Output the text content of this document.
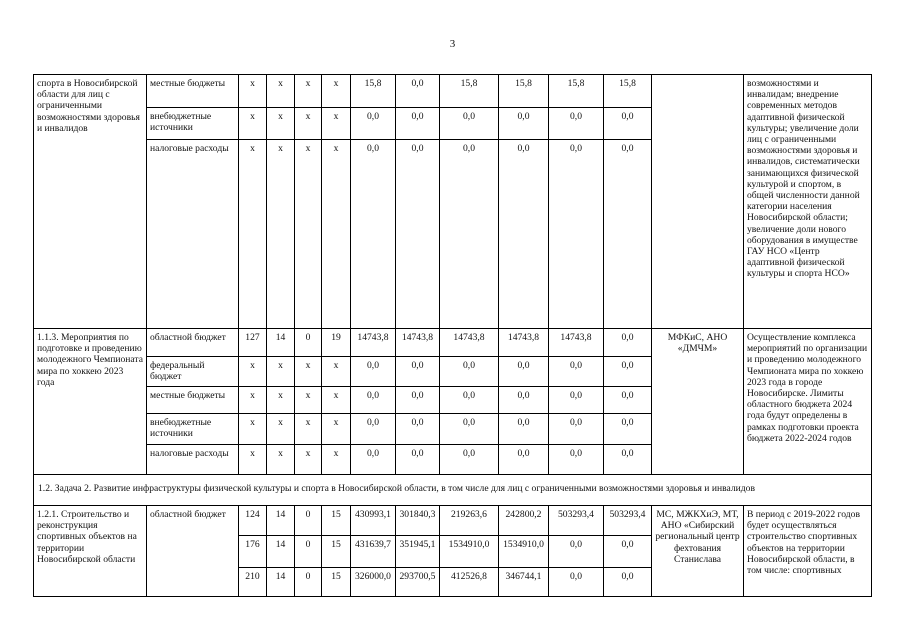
3
спорта в Новосибирской области для лиц с ограниченными возможностями здоровья и инвалидов	местные бюджеты	x	x	x	x	15,8	0,0	15,8	15,8	15,8	15,8		возможностями и инвалидам; внедрение современных методов адаптивной физической культуры; увеличение доли лиц с ограниченными возможностями здоровья и инвалидов, систематически занимающихся физической культурой и спортом, в общей численности данной категории населения Новосибирской области; увеличение доли нового оборудования в имуществе ГАУ НСО «Центр адаптивной физической культуры и спорта НСО»
	внебюджетные источники	x	x	x	x	0,0	0,0	0,0	0,0	0,0	0,0		
	налоговые расходы	x	x	x	x	0,0	0,0	0,0	0,0	0,0	0,0		
1.1.3. Мероприятия по подготовке и проведению молодежного Чемпионата мира по хоккею 2023 года	областной бюджет	127	14	0	19	14743,8	14743,8	14743,8	14743,8	14743,8	0,0	МФКиС, АНО «ДМЧМ»	Осуществление комплекса мероприятий по организации и проведению молодежного Чемпионата мира по хоккею 2023 года в городе Новосибирске. Лимиты областного бюджета 2024 года будут определены в рамках подготовки проекта бюджета 2022-2024 годов
	федеральный бюджет	x	x	x	x	0,0	0,0	0,0	0,0	0,0	0,0		
	местные бюджеты	x	x	x	x	0,0	0,0	0,0	0,0	0,0	0,0		
	внебюджетные источники	x	x	x	x	0,0	0,0	0,0	0,0	0,0	0,0		
	налоговые расходы	x	x	x	x	0,0	0,0	0,0	0,0	0,0	0,0		
1.2. Задача 2. Развитие инфраструктуры физической культуры и спорта в Новосибирской области, в том числе для лиц с ограниченными возможностями здоровья и инвалидов													
1.2.1. Строительство и реконструкция спортивных объектов на территории Новосибирской области	областной бюджет	124	14	0	15	430993,1	301840,3	219263,6	242800,2	503293,4	503293,4	МС, МЖКХиЭ, МТ, АНО «Сибирский региональный центр фехтования Станислава	В период с 2019-2022 годов будет осуществляться строительство спортивных объектов на территории Новосибирской области, в том числе: спортивных
		176	14	0	15	431639,7	351945,1	1534910,0	1534910,0	0,0	0,0		
		210	14	0	15	326000,0	293700,5	412526,8	346744,1	0,0	0,0		
